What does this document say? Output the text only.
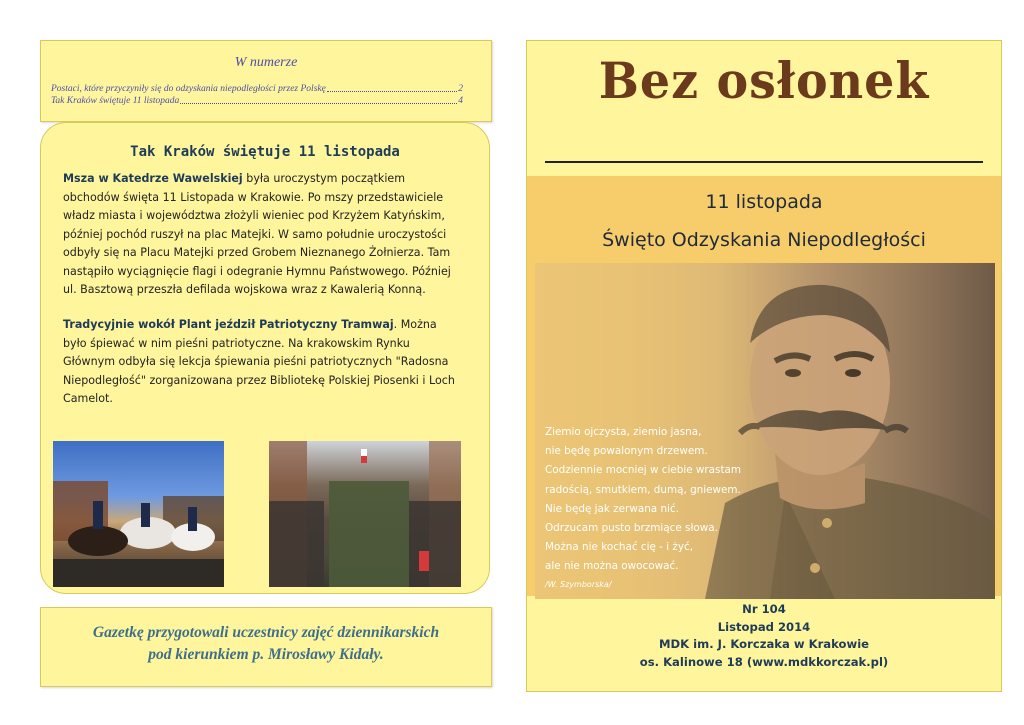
W numerze
Postaci, które przyczyniły się do odzyskania niepodległości przez Polskę	2
Tak Kraków świętuje 11 listopada	4
Tak Kraków świętuje 11 listopada
Msza w Katedrze Wawelskiej była uroczystym początkiem obchodów święta 11 Listopada w Krakowie. Po mszy przedstawiciele władz miasta i województwa złożyli wieniec pod Krzyżem Katyńskim, później pochód ruszył na plac Matejki. W samo południe uroczystości odbyły się na Placu Matejki przed Grobem Nieznanego Żołnierza. Tam nastąpiło wyciągnięcie flagi i odegranie Hymnu Państwowego. Później ul. Basztową przeszła defilada wojskowa wraz z Kawalerią Konną.
Tradycyjnie wokół Plant jeździł Patriotyczny Tramwaj. Można było śpiewać w nim pieśni patriotyczne. Na krakowskim Rynku Głównym odbyła się lekcja śpiewania pieśni patriotycznych "Radosna Niepodległość" zorganizowana przez Bibliotekę Polskiej Piosenki i Loch Camelot.
Gazetkę przygotowali uczestnicy zajęć dziennikarskich
pod kierunkiem p. Mirosławy Kidały.
Bez osłonek
11 listopada
Święto Odzyskania Niepodległości
Ziemio ojczysta, ziemio jasna,
nie będę powalonym drzewem.
Codziennie mocniej w ciebie wrastam
radością, smutkiem, dumą, gniewem.
Nie będę jak zerwana nić.
Odrzucam pusto brzmiące słowa.
Można nie kochać cię - i żyć,
ale nie można owocować.
/W. Szymborska/
Nr 104
Listopad 2014
MDK im. J. Korczaka w Krakowie
os. Kalinowe 18 (www.mdkkorczak.pl)
